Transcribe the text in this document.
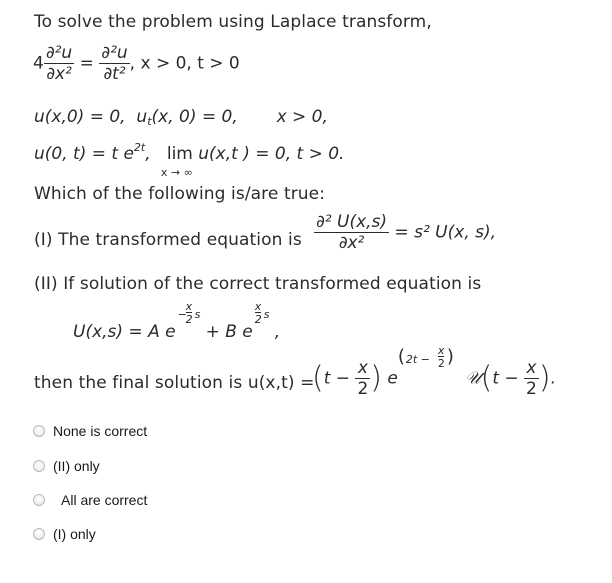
To solve the problem using Laplace transform,
$4 \frac{\text{∂²u}}{\text{∂x²}} = \frac{\text{∂²u}}{\text{∂t²}}$ , x > 0, t > 0
u(x,0) = 0, $u_t(x$, 0) = 0, x > 0,
u(0, t) = t $e^{2t}$, lim
x → ∞
u(x,t ) = 0, t > 0.
Which of the following is/are true:
(I) The transformed equation is $\frac{\text{∂² U(x,s)}}{\text{∂x²}} = s^2$ U(x, s),
(II) If solution of the correct transformed equation is
U(x,s) = A e
−
x
2 s
+ B e
x
2 s
,
then the final solution is u(x,t) =
($t - \frac{x}{2}$ ) e
( 2t −
x
2 )
𝒰(t − $\frac{x}{2}$ ).
None is correct
(II) only
All are correct
(I) only
